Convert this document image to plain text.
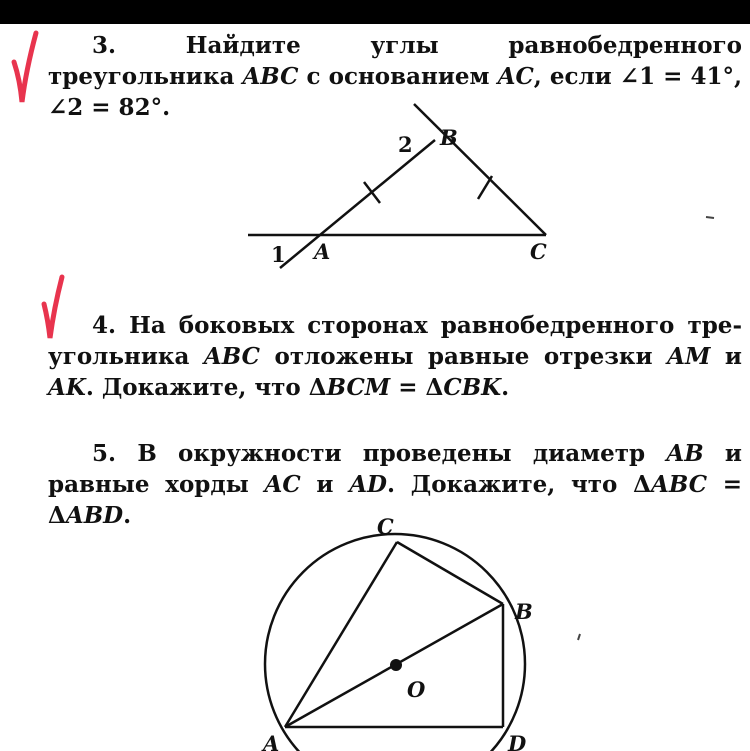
3.	Найдите углы равнобедренного треугольника ABC с основанием AC, если ∠1 = 41°, ∠2 = 82°.
2 B
1 A	C
4. На боковых сторонах равнобедренного треугольника ABC отложены равные отрезки AM и AK. Докажите, что ΔBCM = ΔCBK.
5. В окружности проведены диаметр AB и равные хорды AC и AD. Докажите, что ΔABC = ΔABD.	C
B
O
A	D
